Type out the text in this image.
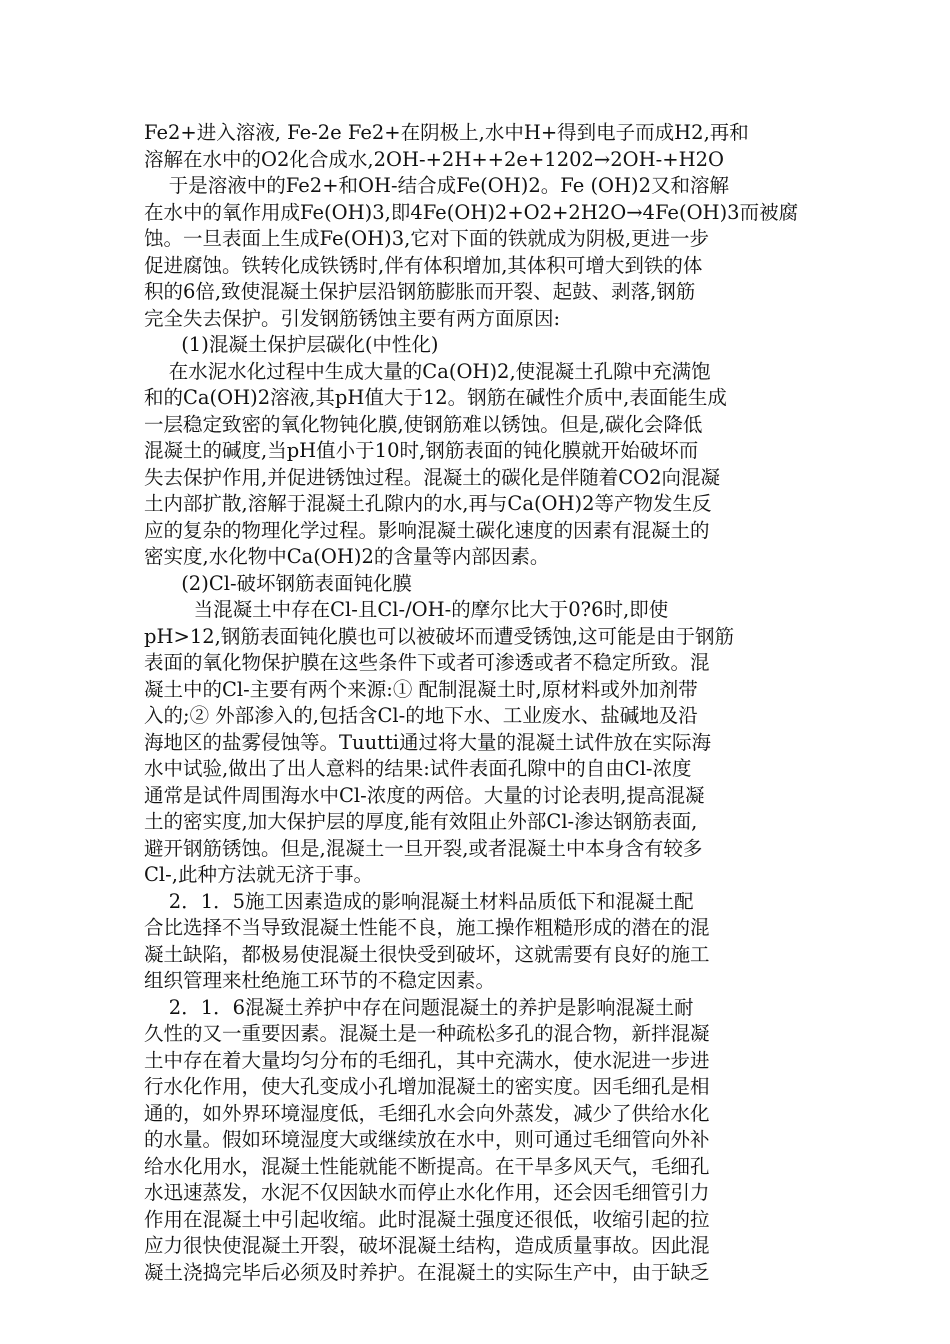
Fe2+进入溶液, Fe-2e Fe2+在阴极上,水中H+得到电子而成H2,再和
溶解在水中的O2化合成水,2OH-+2H++2e+1202→2OH-+H2O
于是溶液中的Fe2+和OH-结合成Fe(OH)2。Fe (OH)2又和溶解
在水中的氧作用成Fe(OH)3,即4Fe(OH)2+O2+2H2O→4Fe(OH)3而被腐
蚀。一旦表面上生成Fe(OH)3,它对下面的铁就成为阴极,更进一步
促进腐蚀。铁转化成铁锈时,伴有体积增加,其体积可增大到铁的体
积的6倍,致使混凝土保护层沿钢筋膨胀而开裂、起鼓、剥落,钢筋
完全失去保护。引发钢筋锈蚀主要有两方面原因:
(1)混凝土保护层碳化(中性化)
在水泥水化过程中生成大量的Ca(OH)2,使混凝土孔隙中充满饱
和的Ca(OH)2溶液,其pH值大于12。钢筋在碱性介质中,表面能生成
一层稳定致密的氧化物钝化膜,使钢筋难以锈蚀。但是,碳化会降低
混凝土的碱度,当pH值小于10时,钢筋表面的钝化膜就开始破坏而
失去保护作用,并促进锈蚀过程。混凝土的碳化是伴随着CO2向混凝
土内部扩散,溶解于混凝土孔隙内的水,再与Ca(OH)2等产物发生反
应的复杂的物理化学过程。影响混凝土碳化速度的因素有混凝土的
密实度,水化物中Ca(OH)2的含量等内部因素。
(2)Cl-破坏钢筋表面钝化膜
当混凝土中存在Cl-且Cl-/OH-的摩尔比大于0?6时,即使
pH>12,钢筋表面钝化膜也可以被破坏而遭受锈蚀,这可能是由于钢筋
表面的氧化物保护膜在这些条件下或者可渗透或者不稳定所致。混
凝土中的Cl-主要有两个来源:① 配制混凝土时,原材料或外加剂带
入的;② 外部渗入的,包括含Cl-的地下水、工业废水、盐碱地及沿
海地区的盐雾侵蚀等。Tuutti通过将大量的混凝土试件放在实际海
水中试验,做出了出人意料的结果:试件表面孔隙中的自由Cl-浓度
通常是试件周围海水中Cl-浓度的两倍。大量的讨论表明,提高混凝
土的密实度,加大保护层的厚度,能有效阻止外部Cl-渗达钢筋表面,
避开钢筋锈蚀。但是,混凝土一旦开裂,或者混凝土中本身含有较多
Cl-,此种方法就无济于事。
2．1．5施工因素造成的影响混凝土材料品质低下和混凝土配
合比选择不当导致混凝土性能不良，施工操作粗糙形成的潜在的混
凝土缺陷，都极易使混凝土很快受到破坏，这就需要有良好的施工
组织管理来杜绝施工环节的不稳定因素。
2．1．6混凝土养护中存在问题混凝土的养护是影响混凝土耐
久性的又一重要因素。混凝土是一种疏松多孔的混合物，新拌混凝
土中存在着大量均匀分布的毛细孔，其中充满水，使水泥进一步进
行水化作用，使大孔变成小孔增加混凝土的密实度。因毛细孔是相
通的，如外界环境湿度低，毛细孔水会向外蒸发，减少了供给水化
的水量。假如环境湿度大或继续放在水中，则可通过毛细管向外补
给水化用水，混凝土性能就能不断提高。在干旱多风天气，毛细孔
水迅速蒸发，水泥不仅因缺水而停止水化作用，还会因毛细管引力
作用在混凝土中引起收缩。此时混凝土强度还很低，收缩引起的拉
应力很快使混凝土开裂，破坏混凝土结构，造成质量事故。因此混
凝土浇捣完毕后必须及时养护。在混凝土的实际生产中，由于缺乏
